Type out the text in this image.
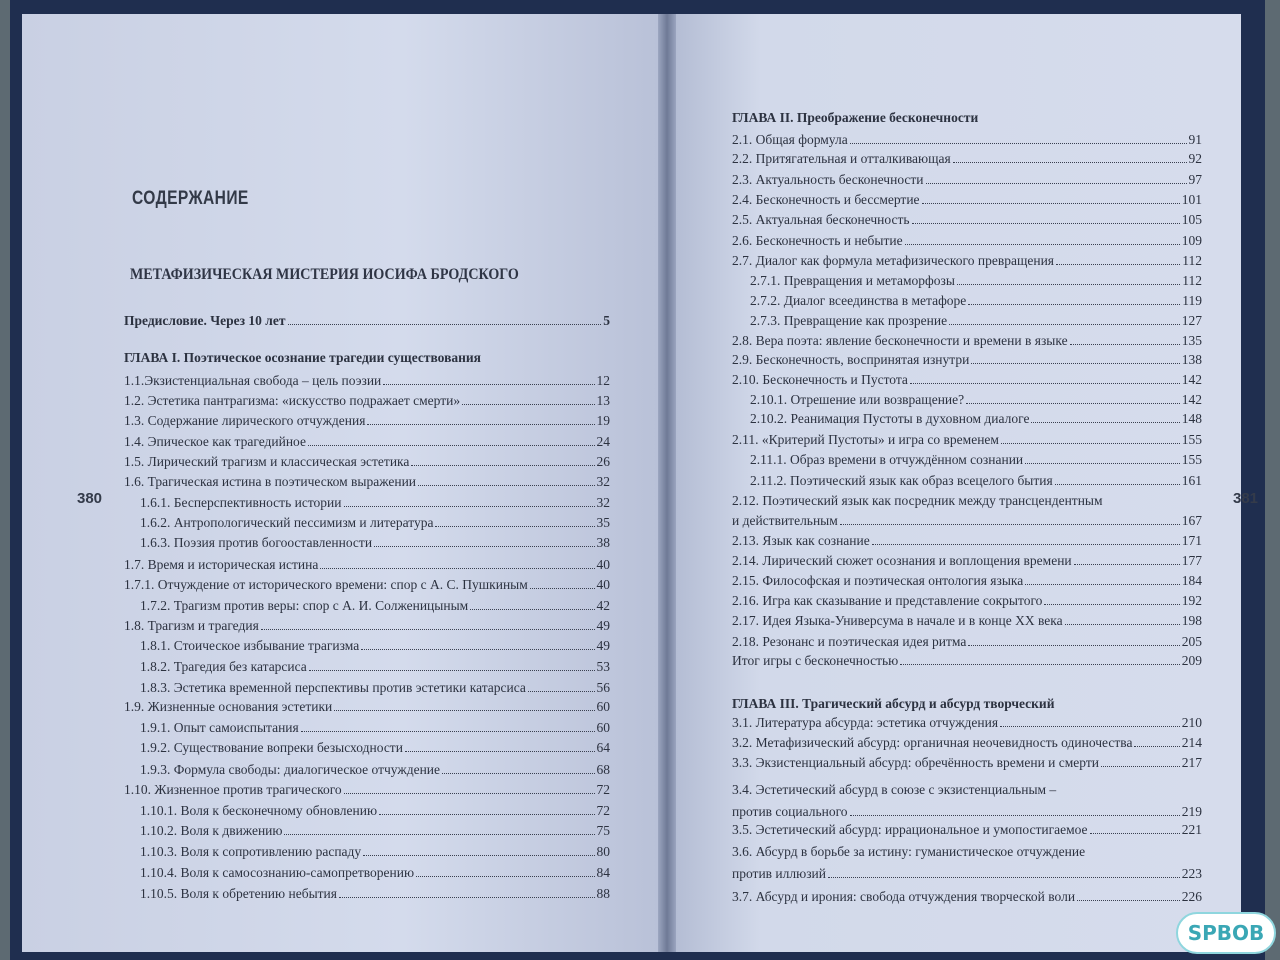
СОДЕРЖАНИЕ
МЕТАФИЗИЧЕСКАЯ МИСТЕРИЯ ИОСИФА БРОДСКОГО
380	381
Предисловие. Через 10 лет	5
ГЛАВА I. Поэтическое осознание трагедии существования
1.1.Экзистенциальная свобода – цель поэзии	12
1.2. Эстетика пантрагизма: «искусство подражает смерти»	13
1.3. Содержание лирического отчуждения	19
1.4. Эпическое как трагедийное	24
1.5. Лирический трагизм и классическая эстетика	26
1.6. Трагическая истина в поэтическом выражении	32
1.6.1. Бесперспективность истории	32
1.6.2. Антропологический пессимизм и литература	35
1.6.3. Поэзия против богооставленности	38
1.7. Время и историческая истина	40
1.7.1. Отчуждение от исторического времени: спор с А. С. Пушкиным	40
1.7.2. Трагизм против веры: спор с А. И. Солженицыным	42
1.8. Трагизм и трагедия	49
1.8.1. Стоическое избывание трагизма	49
1.8.2. Трагедия без катарсиса	53
1.8.3. Эстетика временной перспективы против эстетики катарсиса	56
1.9. Жизненные основания эстетики	60
1.9.1. Опыт самоиспытания	60
1.9.2. Существование вопреки безысходности	64
1.9.3. Формула свободы: диалогическое отчуждение	68
1.10. Жизненное против трагического	72
1.10.1. Воля к бесконечному обновлению	72
1.10.2. Воля к движению	75
1.10.3. Воля к сопротивлению распаду	80
1.10.4. Воля к самосознанию-самопретворению	84
1.10.5. Воля к обретению небытия	88
ГЛАВА II. Преображение бесконечности
2.1. Общая формула	91
2.2. Притягательная и отталкивающая	92
2.3. Актуальность бесконечности	97
2.4. Бесконечность и бессмертие	101
2.5. Актуальная бесконечность	105
2.6. Бесконечность и небытие	109
2.7. Диалог как формула метафизического превращения	112
2.7.1. Превращения и метаморфозы	112
2.7.2. Диалог всеединства в метафоре	119
2.7.3. Превращение как прозрение	127
2.8. Вера поэта: явление бесконечности и времени в языке	135
2.9. Бесконечность, воспринятая изнутри	138
2.10. Бесконечность и Пустота	142
2.10.1. Отрешение или возвращение?	142
2.10.2. Реанимация Пустоты в духовном диалоге	148
2.11. «Критерий Пустоты» и игра со временем	155
2.11.1. Образ времени в отчуждённом сознании	155
2.11.2. Поэтический язык как образ всецелого бытия	161
2.12. Поэтический язык как посредник между трансцендентным
и действительным	167
2.13. Язык как сознание	171
2.14. Лирический сюжет осознания и воплощения времени	177
2.15. Философская и поэтическая онтология языка	184
2.16. Игра как сказывание и представление сокрытого	192
2.17. Идея Языка-Универсума в начале и в конце XX века	198
2.18. Резонанс и поэтическая идея ритма	205
Итог игры с бесконечностью	209
ГЛАВА III. Трагический абсурд и абсурд творческий
3.1. Литература абсурда: эстетика отчуждения	210
3.2. Метафизический абсурд: органичная неочевидность одиночества	214
3.3. Экзистенциальный абсурд: обречённость времени и смерти	217
3.4. Эстетический абсурд в союзе с экзистенциальным –
против социального	219
3.5. Эстетический абсурд: иррациональное и умопостигаемое	221
3.6. Абсурд в борьбе за истину: гуманистическое отчуждение
против иллюзий	223
3.7. Абсурд и ирония: свобода отчуждения творческой воли	226
SPBOB
